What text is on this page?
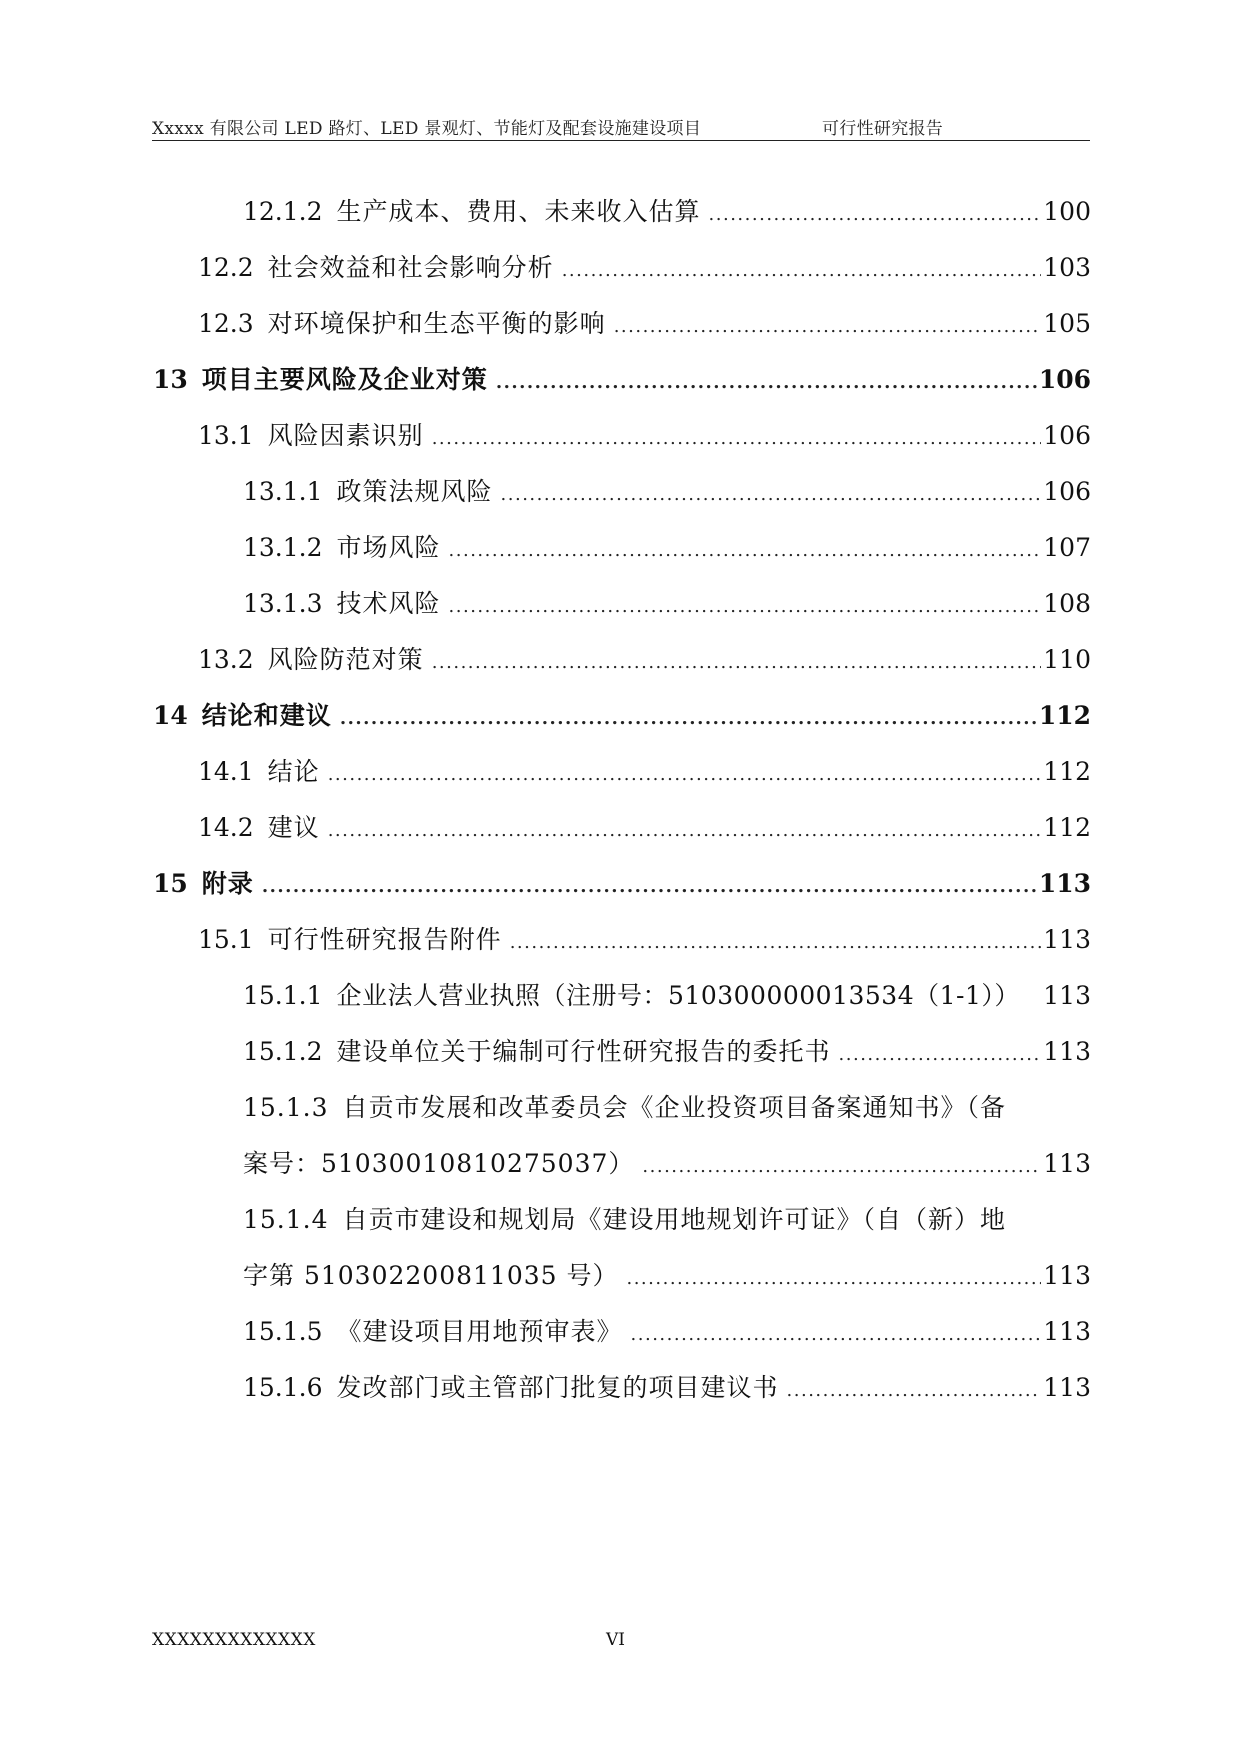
Xxxxx 有限公司 LED 路灯、LED 景观灯、节能灯及配套设施建设项目	可行性研究报告
12.1.2 生产成本、费用、未来收入估算 .....	100
12.2 社会效益和社会影响分析 .....	103
12.3 对环境保护和生态平衡的影响 .....	105
13 项目主要风险及企业对策 .....	106
13.1 风险因素识别 .....	106
13.1.1 政策法规风险 .....	106
13.1.2 市场风险 .....	107
13.1.3 技术风险 .....	108
13.2 风险防范对策 .....	110
14 结论和建议 .....	112
14.1 结论 .....	112
14.2 建议 .....	112
15 附录 .....	113
15.1 可行性研究报告附件 .....	113
15.1.1 企业法人营业执照（注册号：510300000013534（1-1）） 113
15.1.2 建设单位关于编制可行性研究报告的委托书 .....	113
15.1.3 自贡市发展和改革委员会《企业投资项目备案通知书》（备
案号：51030010810275037） .....	113
15.1.4 自贡市建设和规划局《建设用地规划许可证》（自（新）地
字第 510302200811035 号） .....	113
15.1.5 《建设项目用地预审表》 .....	113
15.1.6 发改部门或主管部门批复的项目建议书 .....	113
XXXXXXXXXXXXX	VI
